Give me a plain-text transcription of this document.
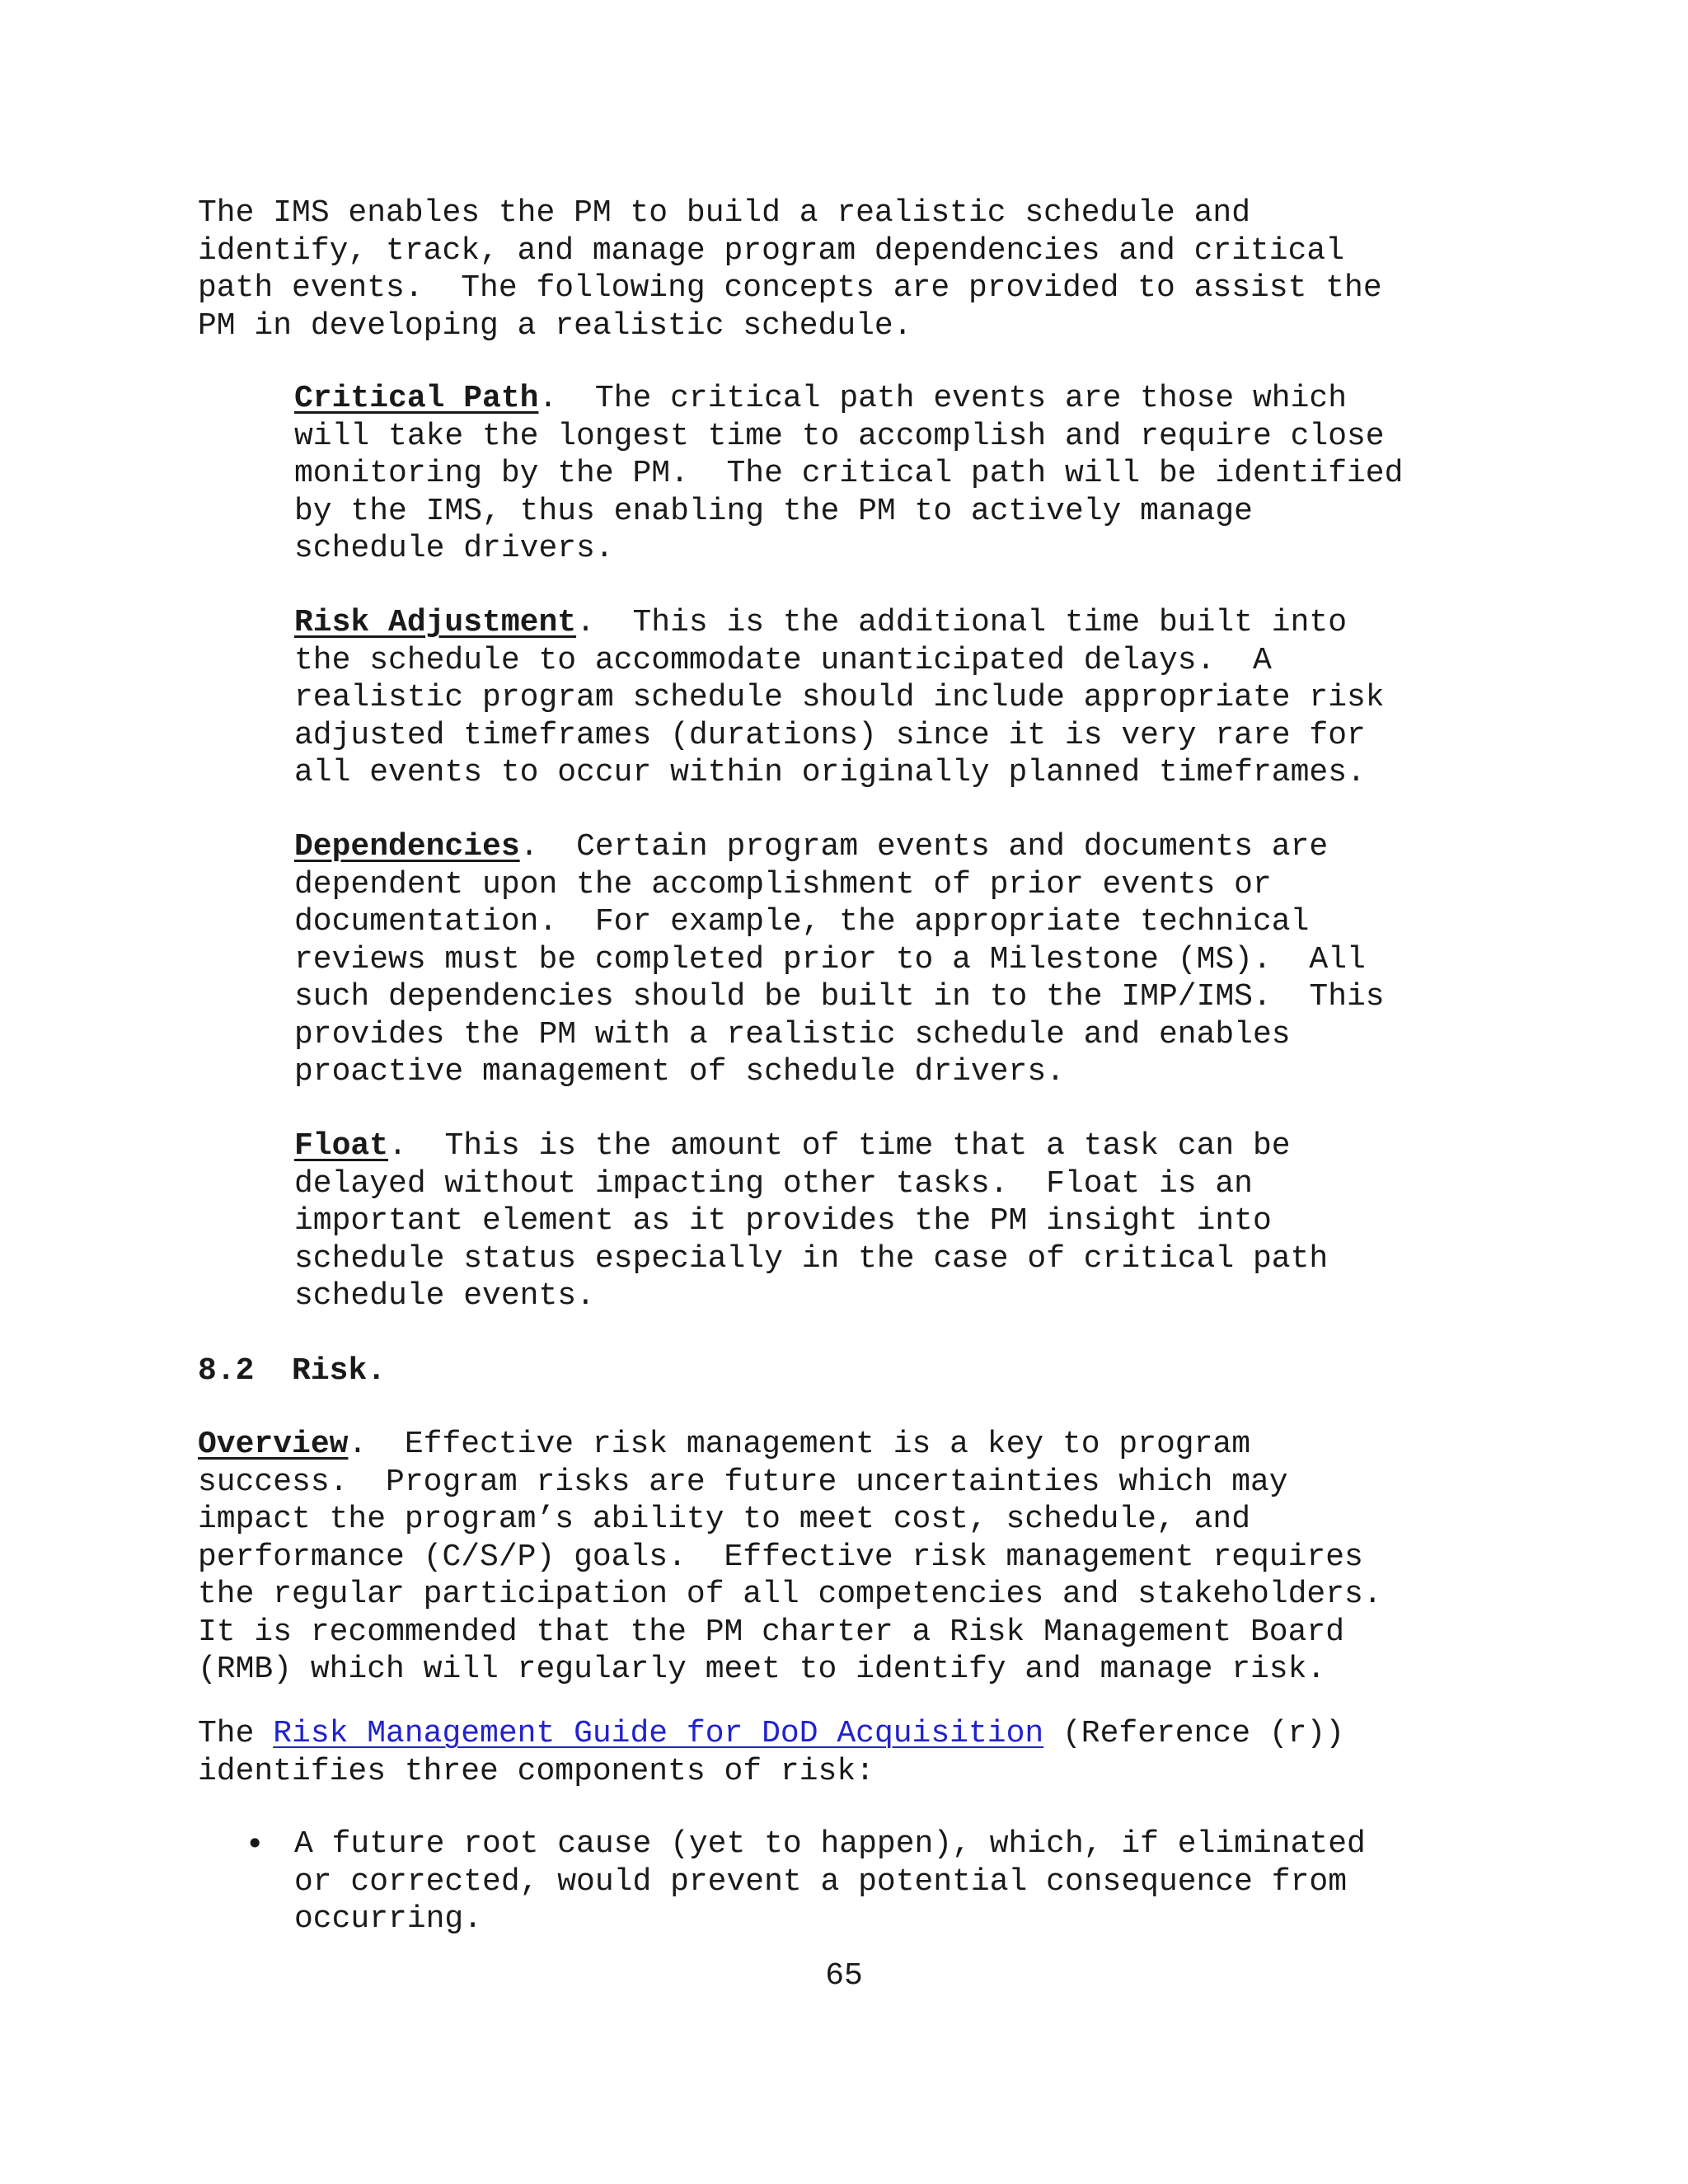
The IMS enables the PM to build a realistic schedule and
identify, track, and manage program dependencies and critical
path events.  The following concepts are provided to assist the
PM in developing a realistic schedule.
Critical Path.  The critical path events are those which
will take the longest time to accomplish and require close
monitoring by the PM.  The critical path will be identified
by the IMS, thus enabling the PM to actively manage
schedule drivers.
Risk Adjustment.  This is the additional time built into
the schedule to accommodate unanticipated delays.  A
realistic program schedule should include appropriate risk
adjusted timeframes (durations) since it is very rare for
all events to occur within originally planned timeframes.
Dependencies.  Certain program events and documents are
dependent upon the accomplishment of prior events or
documentation.  For example, the appropriate technical
reviews must be completed prior to a Milestone (MS).  All
such dependencies should be built in to the IMP/IMS.  This
provides the PM with a realistic schedule and enables
proactive management of schedule drivers.
Float.  This is the amount of time that a task can be
delayed without impacting other tasks.  Float is an
important element as it provides the PM insight into
schedule status especially in the case of critical path
schedule events.
8.2 Risk.
Overview.  Effective risk management is a key to program
success.  Program risks are future uncertainties which may
impact the program’s ability to meet cost, schedule, and
performance (C/S/P) goals.  Effective risk management requires
the regular participation of all competencies and stakeholders.
It is recommended that the PM charter a Risk Management Board
(RMB) which will regularly meet to identify and manage risk.
The Risk Management Guide for DoD Acquisition (Reference (r))
identifies three components of risk:
• A future root cause (yet to happen), which, if eliminated
or corrected, would prevent a potential consequence from
occurring.
65
